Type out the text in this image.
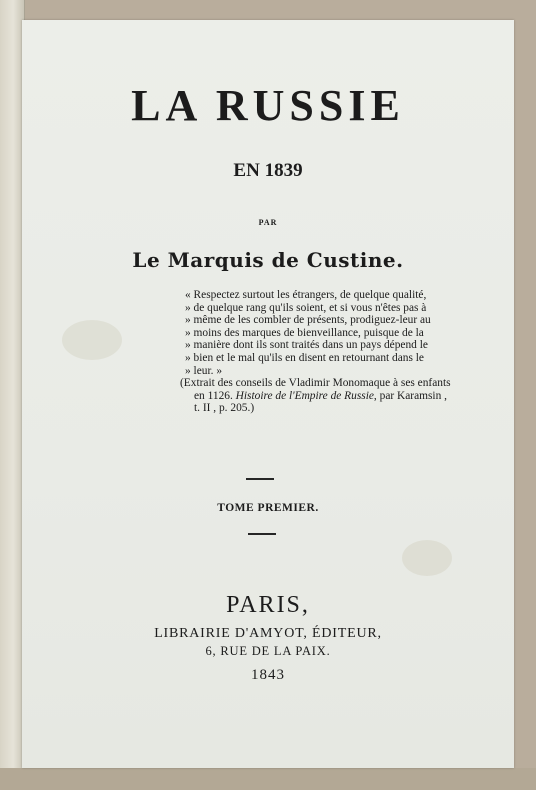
LA RUSSIE
EN 1839
PAR
Le Marquis de Custine.
« Respectez surtout les étrangers, de quelque qualité,
» de quelque rang qu'ils soient, et si vous n'êtes pas à
» même de les combler de présents, prodiguez-leur au
» moins des marques de bienveillance, puisque de la
» manière dont ils sont traités dans un pays dépend le
» bien et le mal qu'ils en disent en retournant dans le
» leur. »
(Extrait des conseils de Vladimir Monomaque à ses enfants
en 1126. Histoire de l'Empire de Russie, par Karamsin ,
t. II , p. 205.)
TOME PREMIER.
PARIS,
LIBRAIRIE D'AMYOT, ÉDITEUR,
6, RUE DE LA PAIX.
1843
